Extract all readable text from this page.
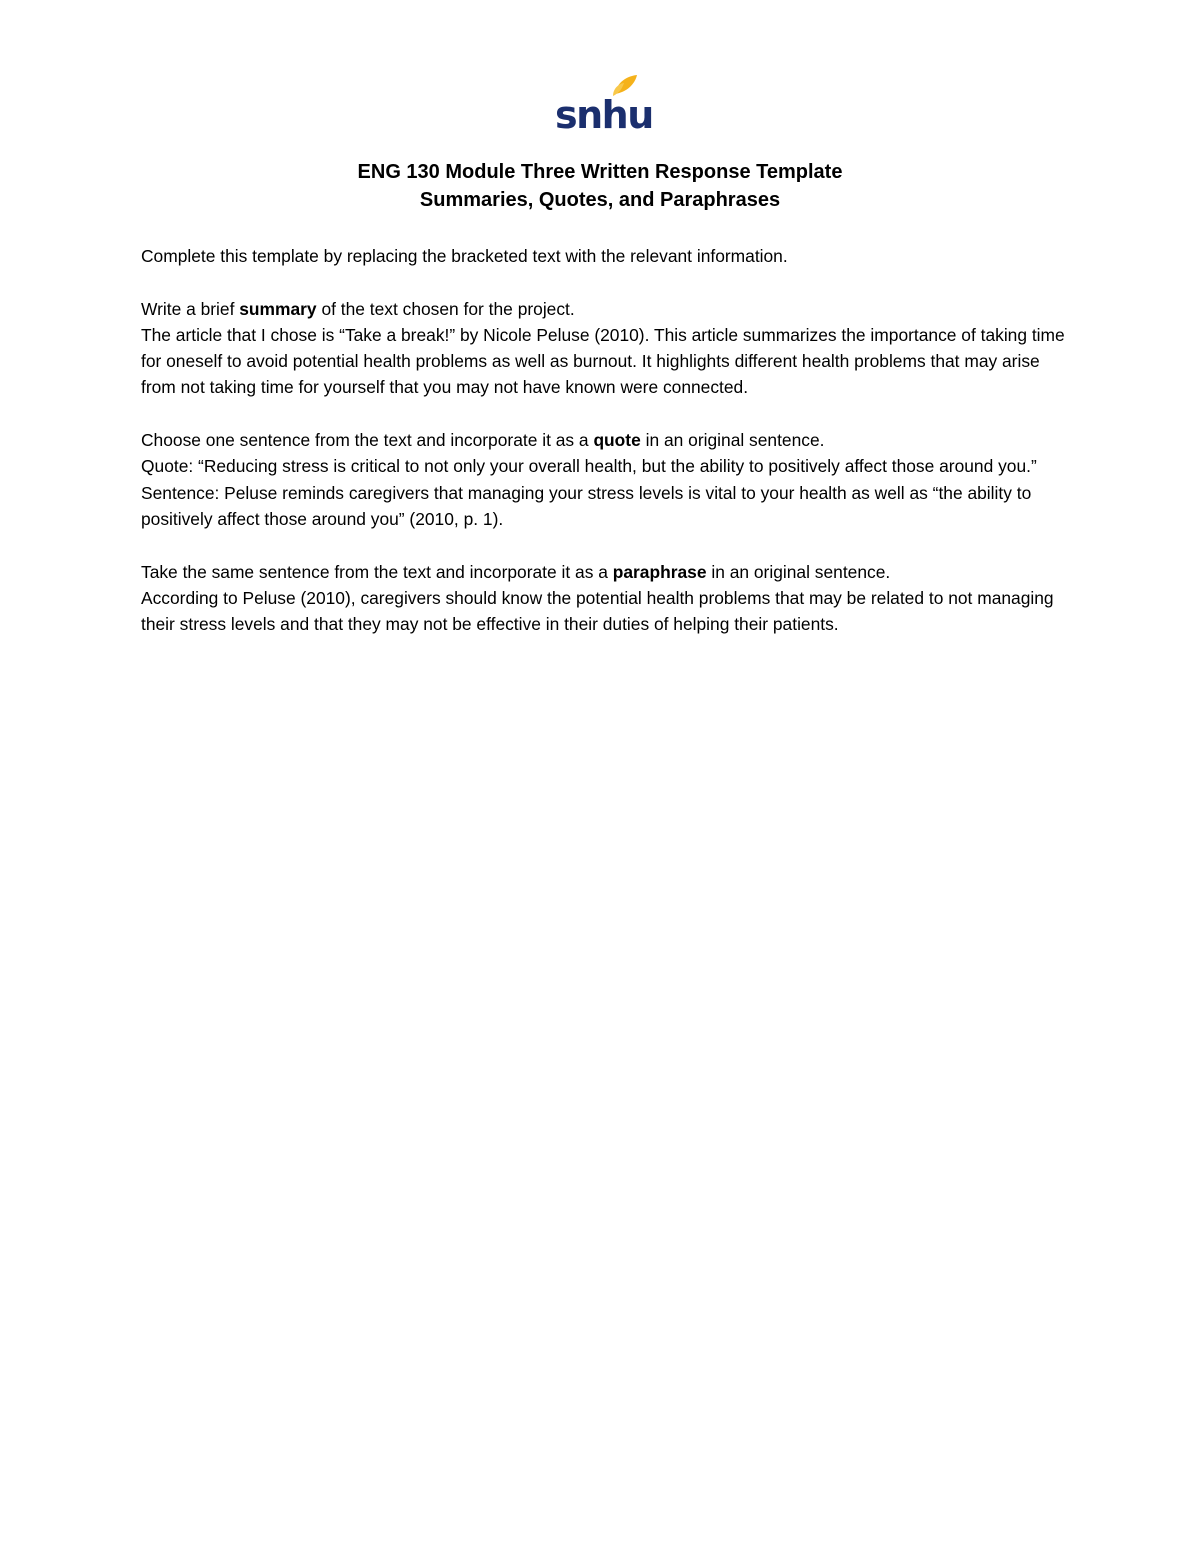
snhu
ENG 130 Module Three Written Response Template
Summaries, Quotes, and Paraphrases

Complete this template by replacing the bracketed text with the relevant information.

Write a brief summary of the text chosen for the project.

The article that I chose is “Take a break!” by Nicole Peluse (2010). This article summarizes the importance of taking time for oneself to avoid potential health problems as well as burnout. It highlights different health problems that may arise from not taking time for yourself that you may not have known were connected.

Choose one sentence from the text and incorporate it as a quote in an original sentence.

Quote: “Reducing stress is critical to not only your overall health, but the ability to positively affect those around you.”

Sentence: Peluse reminds caregivers that managing your stress levels is vital to your health as well as “the ability to positively affect those around you” (2010, p. 1).

Take the same sentence from the text and incorporate it as a paraphrase in an original sentence.

According to Peluse (2010), caregivers should know the potential health problems that may be related to not managing their stress levels and that they may not be effective in their duties of helping their patients.
